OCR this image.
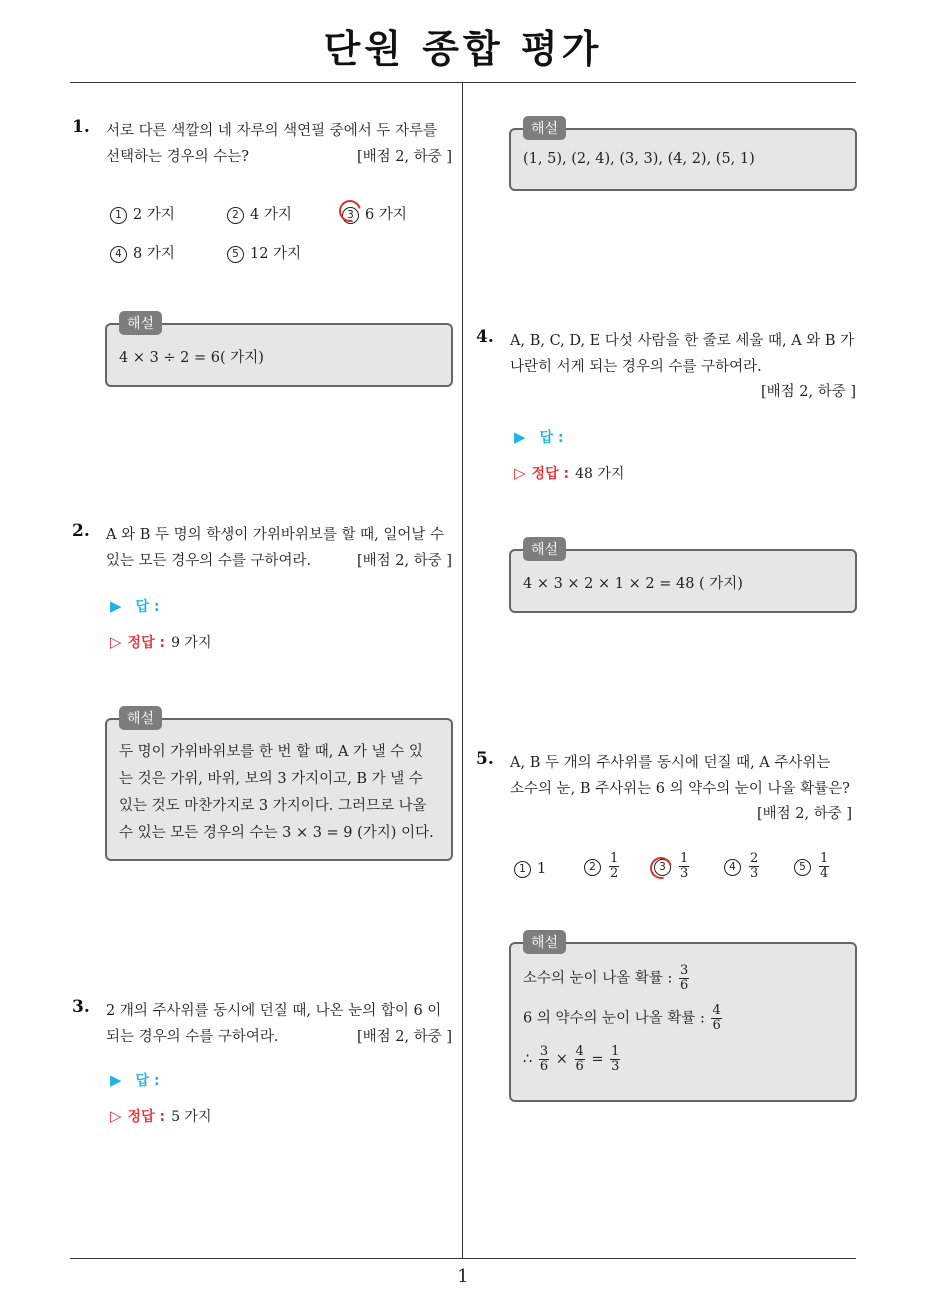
단원 종합 평가
1
1. 서로 다른 색깔의 네 자루의 색연필 중에서 두 자루를
선택하는 경우의 수는?	[배점 2, 하중 ]
1 2 가지	2 4 가지	3 6 가지
4 8 가지	5 12 가지
해설
4 × 3 ÷ 2 = 6( 가지)
2. A 와 B 두 명의 학생이 가위바위보를 할 때, 일어날 수
있는 모든 경우의 수를 구하여라.	[배점 2, 하중 ]
▶ 답 :
▷ 정답 : 9 가지
해설
두 명이 가위바위보를 한 번 할 때, A 가 낼 수 있
는 것은 가위, 바위, 보의 3 가지이고, B 가 낼 수
있는 것도 마찬가지로 3 가지이다. 그러므로 나올
수 있는 모든 경우의 수는 3 × 3 = 9 (가지) 이다.
3. 2 개의 주사위를 동시에 던질 때, 나온 눈의 합이 6 이
되는 경우의 수를 구하여라.	[배점 2, 하중 ]
▶ 답 :
▷ 정답 : 5 가지
해설
(1, 5), (2, 4), (3, 3), (4, 2), (5, 1)
4. A, B, C, D, E 다섯 사람을 한 줄로 세울 때, A 와 B 가
나란히 서게 되는 경우의 수를 구하여라.
[배점 2, 하중 ]
▶ 답 :
▷ 정답 : 48 가지
해설
4 × 3 × 2 × 1 × 2 = 48 ( 가지)
5. A, B 두 개의 주사위를 동시에 던질 때, A 주사위는
소수의 눈, B 주사위는 6 의 약수의 눈이 나올 확률은?
[배점 2, 하중 ]
1 1	$2 \frac{1}{2}$	$3 \frac{1}{3}$	$4 \frac{2}{3}$	$5 \frac{1}{4}$
해설
소수의 눈이 나올 확률 : $\frac{3}{6}$
6 의 약수의 눈이 나올 확률 : $\frac{4}{6}$
∴ $\frac{3}{6} \times \frac{4}{6} = \frac{1}{3}$
